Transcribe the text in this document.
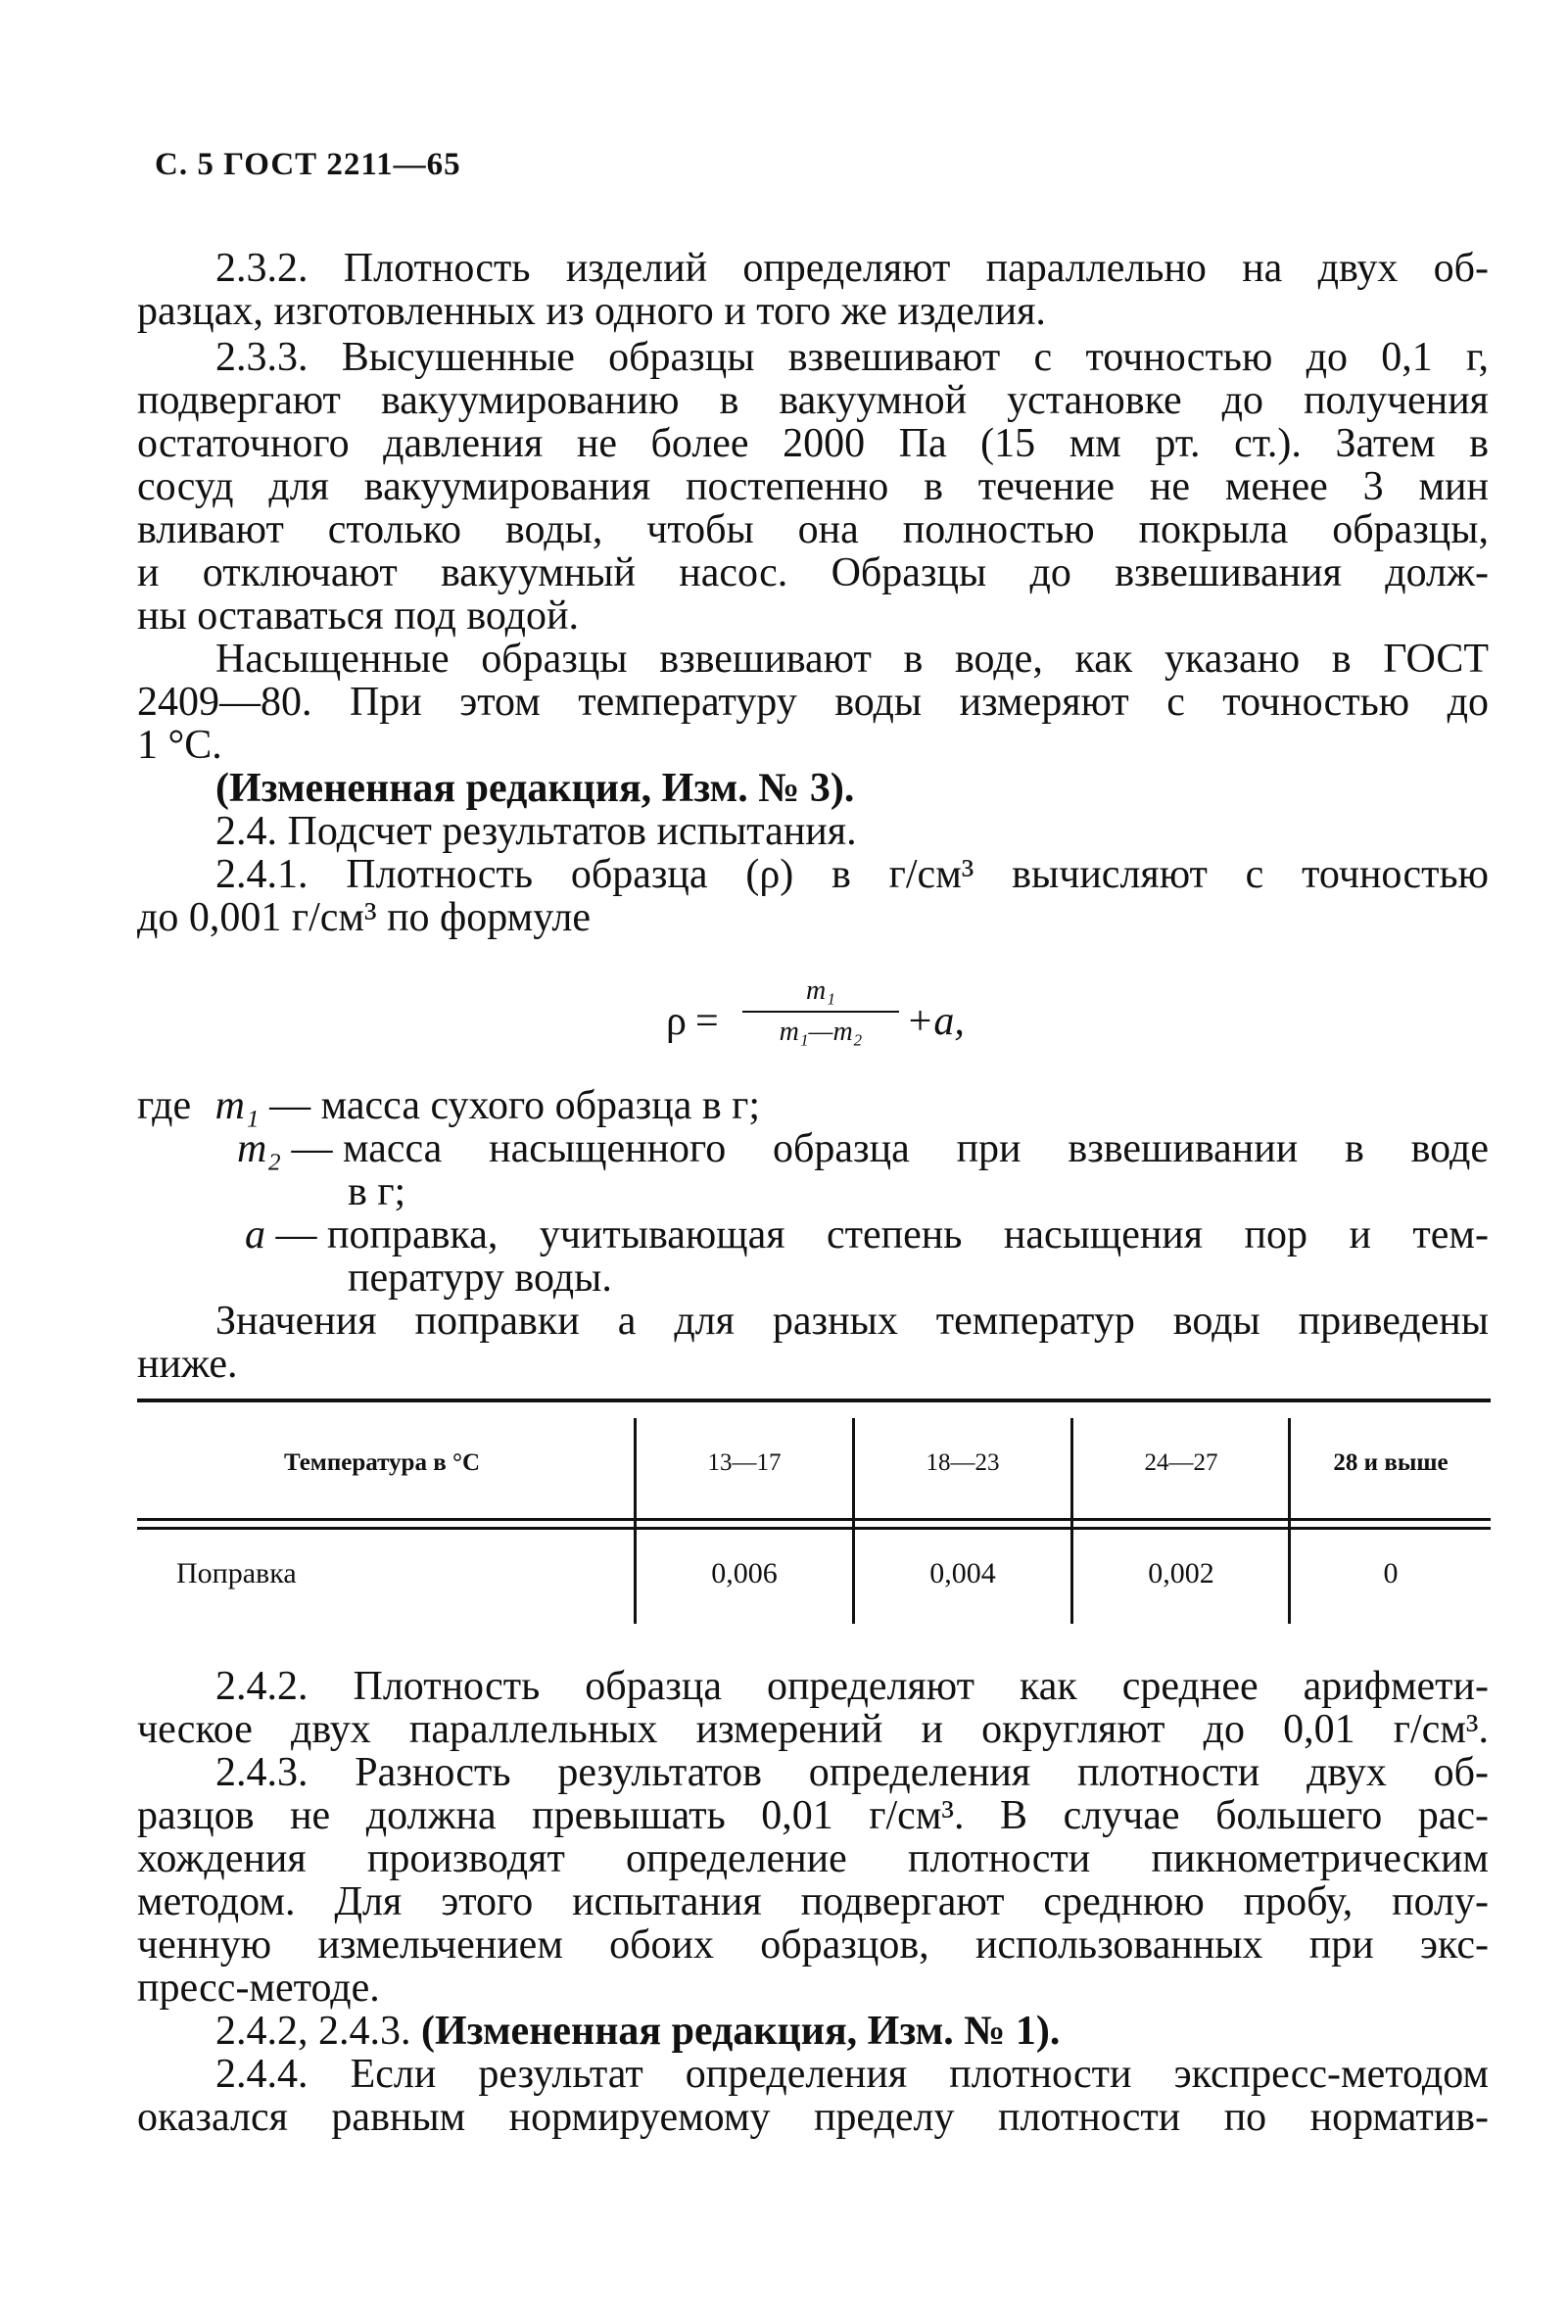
С. 5 ГОСТ 2211—65
2.3.2. Плотность изделий определяют параллельно на двух об-
разцах, изготовленных из одного и того же изделия.
2.3.3. Высушенные образцы взвешивают с точностью до 0,1 г,
подвергают вакуумированию в вакуумной установке до получения
остаточного давления не более 2000 Па (15 мм рт. ст.). Затем в
сосуд для вакуумирования постепенно в течение не менее 3 мин
вливают столько воды, чтобы она полностью покрыла образцы,
и отключают вакуумный насос. Образцы до взвешивания долж-
ны оставаться под водой.
Насыщенные образцы взвешивают в воде, как указано в ГОСТ
2409—80. При этом температуру воды измеряют с точностью до
1 °С.
(Измененная редакция, Изм. № 3).
2.4. Подсчет результатов испытания.
2.4.1. Плотность образца (ρ) в г/см³ вычисляют с точностью
до 0,001 г/см³ по формуле
ρ =
m₁
m₁—m₂	+a,
где m₁ — масса сухого образца в г;
m₂ — масса насыщенного образца при взвешивании в воде
в г;
a — поправка, учитывающая степень насыщения пор и тем-
пературу воды.
Значения поправки a для разных температур воды приведены
ниже.
Температура в °С	13—17	18—23	24—27	28 и выше
Поправка	0,006	0,004	0,002	0
2.4.2. Плотность образца определяют как среднее арифмети-
ческое двух параллельных измерений и округляют до 0,01 г/см³.
2.4.3. Разность результатов определения плотности двух об-
разцов не должна превышать 0,01 г/см³. В случае большего рас-
хождения производят определение плотности пикнометрическим
методом. Для этого испытания подвергают среднюю пробу, полу-
ченную измельчением обоих образцов, использованных при экс-
пресс-методе.
2.4.2, 2.4.3. (Измененная редакция, Изм. № 1).
2.4.4. Если результат определения плотности экспресс-методом
оказался равным нормируемому пределу плотности по норматив-
